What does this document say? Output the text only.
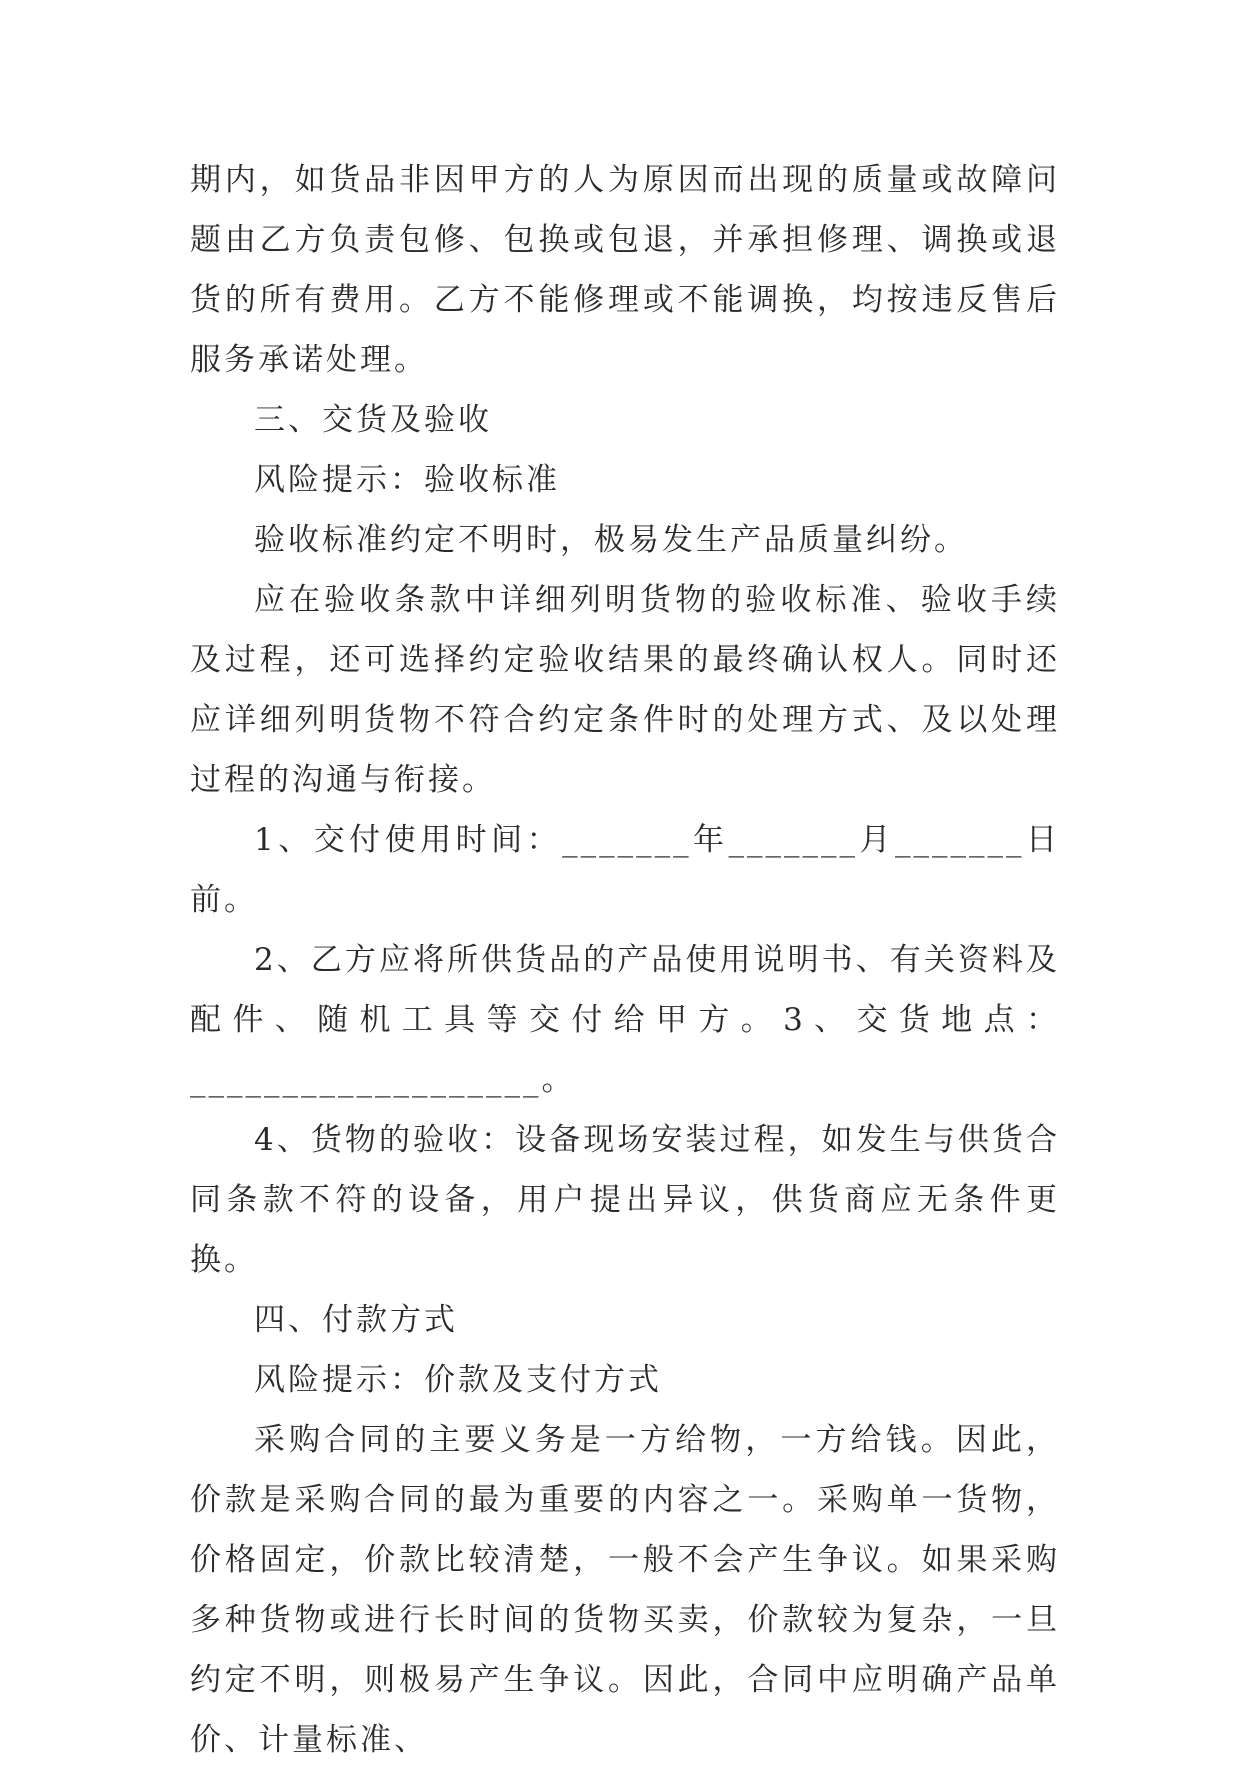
期内，如货品非因甲方的人为原因而出现的质量或故障问题由乙方负责包修、包换或包退，并承担修理、调换或退货的所有费用。乙方不能修理或不能调换，均按违反售后服务承诺处理。

三、交货及验收

风险提示：验收标准

验收标准约定不明时，极易发生产品质量纠纷。

应在验收条款中详细列明货物的验收标准、验收手续及过程，还可选择约定验收结果的最终确认权人。同时还应详细列明货物不符合约定条件时的处理方式、及以处理过程的沟通与衔接。

1、交付使用时间：_______年_______月_______日前。

2、乙方应将所供货品的产品使用说明书、有关资料及配件、随机工具等交付给甲方。3、交货地点：___________________。

4、货物的验收：设备现场安装过程，如发生与供货合同条款不符的设备，用户提出异议，供货商应无条件更换。

四、付款方式

风险提示：价款及支付方式

采购合同的主要义务是一方给物，一方给钱。因此，价款是采购合同的最为重要的内容之一。采购单一货物，价格固定，价款比较清楚，一般不会产生争议。如果采购多种货物或进行长时间的货物买卖，价款较为复杂，一旦约定不明，则极易产生争议。因此，合同中应明确产品单价、计量标准、
